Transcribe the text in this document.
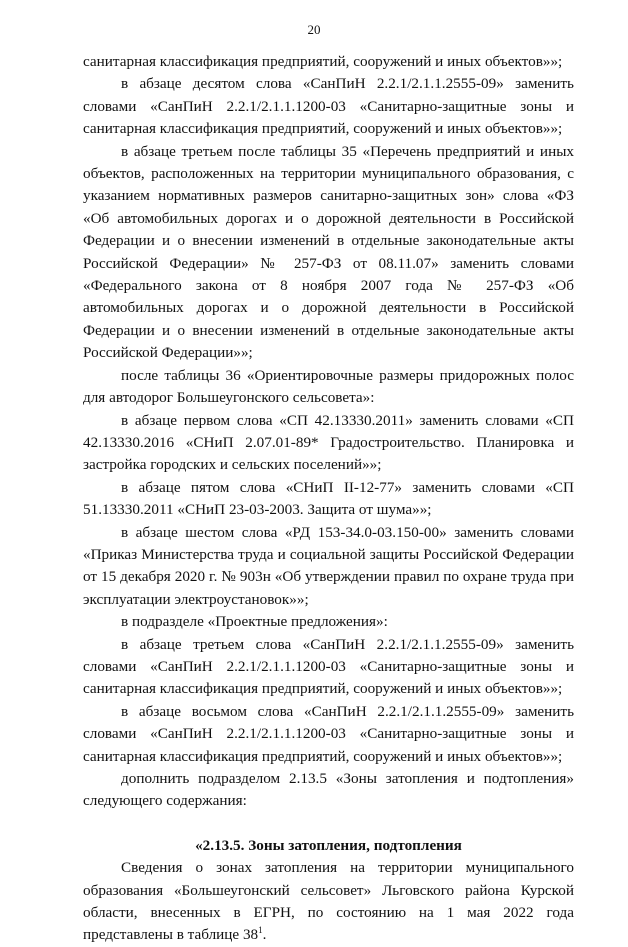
20

санитарная классификация предприятий, сооружений и иных объектов»»;

в абзаце десятом слова «СанПиН 2.2.1/2.1.1.2555-09» заменить словами «СанПиН 2.2.1/2.1.1.1200-03 «Санитарно-защитные зоны и санитарная классификация предприятий, сооружений и иных объектов»»;

в абзаце третьем после таблицы 35 «Перечень предприятий и иных объектов, расположенных на территории муниципального образования, с указанием нормативных размеров санитарно-защитных зон» слова «ФЗ «Об автомобильных дорогах и о дорожной деятельности в Российской Федерации и о внесении изменений в отдельные законодательные акты Российской Федерации» № 257-ФЗ от 08.11.07» заменить словами «Федерального закона от 8 ноября 2007 года № 257-ФЗ «Об автомобильных дорогах и о дорожной деятельности в Российской Федерации и о внесении изменений в отдельные законодательные акты Российской Федерации»»;

после таблицы 36 «Ориентировочные размеры придорожных полос для автодорог Большеугонского сельсовета»:

в абзаце первом слова «СП 42.13330.2011» заменить словами «СП 42.13330.2016 «СНиП 2.07.01-89* Градостроительство. Планировка и застройка городских и сельских поселений»»;

в абзаце пятом слова «СНиП II-12-77» заменить словами «СП 51.13330.2011 «СНиП 23-03-2003. Защита от шума»»;

в абзаце шестом слова «РД 153-34.0-03.150-00» заменить словами «Приказ Министерства труда и социальной защиты Российской Федерации от 15 декабря 2020 г. № 903н «Об утверждении правил по охране труда при эксплуатации электроустановок»»;

в подразделе «Проектные предложения»:

в абзаце третьем слова «СанПиН 2.2.1/2.1.1.2555-09» заменить словами «СанПиН 2.2.1/2.1.1.1200-03 «Санитарно-защитные зоны и санитарная классификация предприятий, сооружений и иных объектов»»;

в абзаце восьмом слова «СанПиН 2.2.1/2.1.1.2555-09» заменить словами «СанПиН 2.2.1/2.1.1.1200-03 «Санитарно-защитные зоны и санитарная классификация предприятий, сооружений и иных объектов»»;

дополнить подразделом 2.13.5 «Зоны затопления и подтопления» следующего содержания:

«2.13.5. Зоны затопления, подтопления

Сведения о зонах затопления на территории муниципального образования «Большеугонский сельсовет» Льговского района Курской области, внесенных в ЕГРН, по состоянию на 1 мая 2022 года представлены в таблице $38^1$.
